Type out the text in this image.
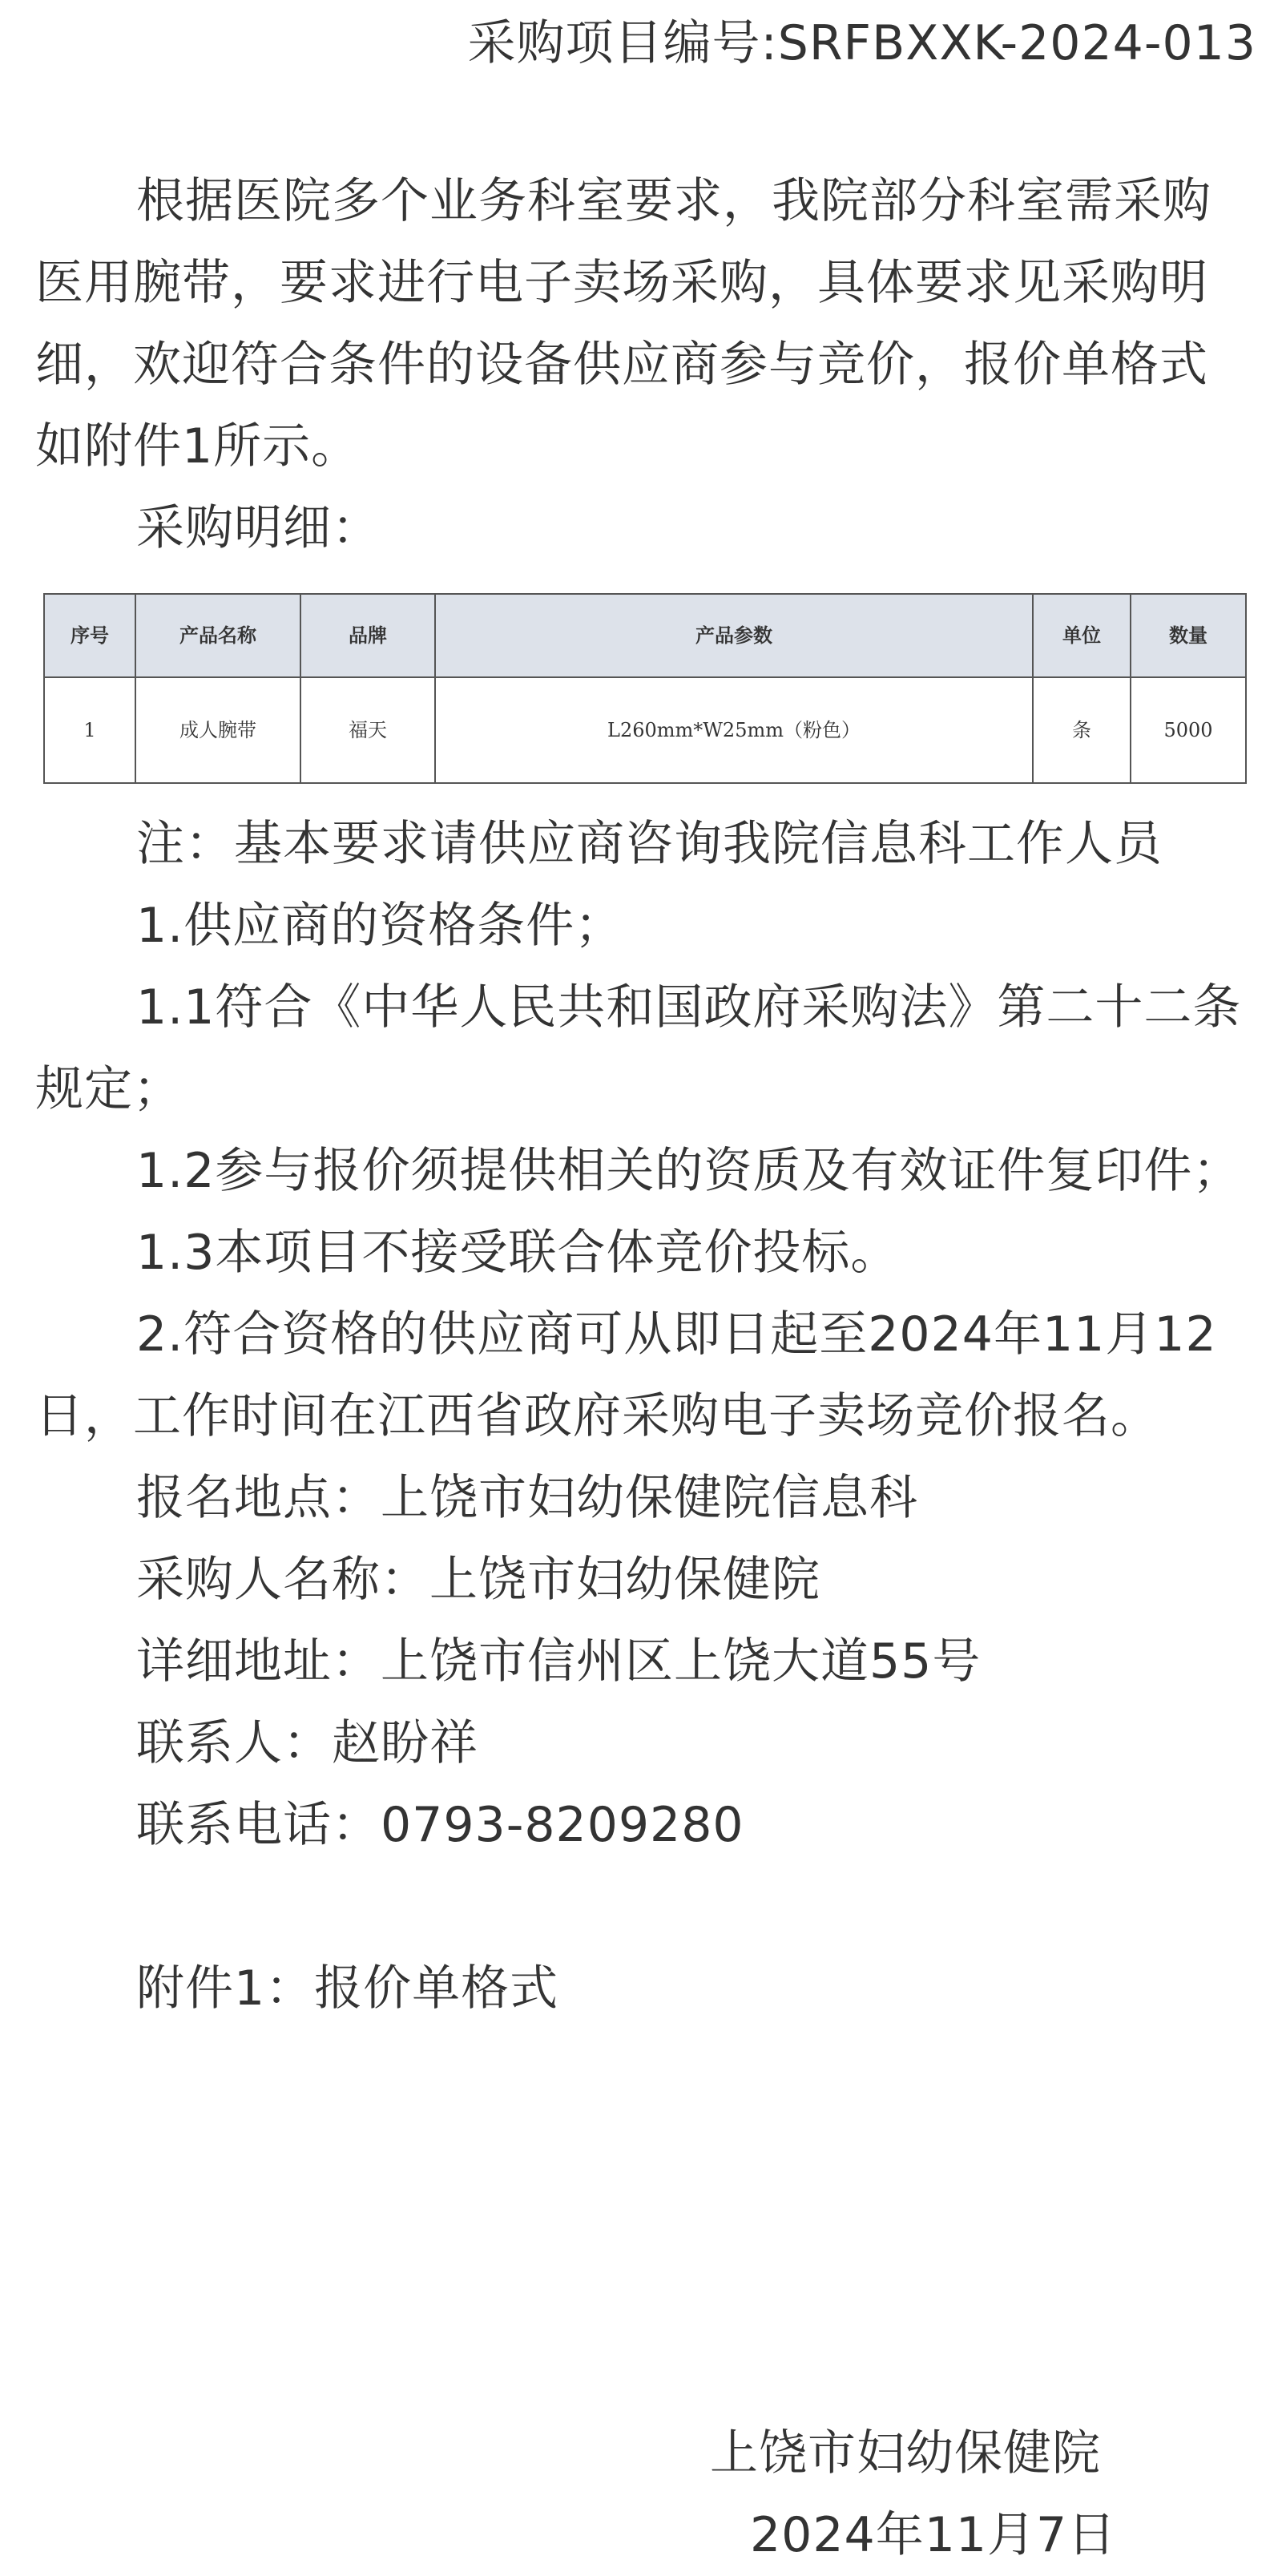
采购项目编号:SRFBXXK-2024-013

根据医院多个业务科室要求，我院部分科室需采购医用腕带，要求进行电子卖场采购，具体要求见采购明细，欢迎符合条件的设备供应商参与竞价，报价单格式如附件1所示。

采购明细：

序号	产品名称	品牌	产品参数	单位	数量
1	成人腕带	福天	L260mm*W25mm（粉色）	条	5000

注：基本要求请供应商咨询我院信息科工作人员

1.供应商的资格条件；

1.1符合《中华人民共和国政府采购法》第二十二条规定；

1.2参与报价须提供相关的资质及有效证件复印件；

1.3本项目不接受联合体竞价投标。

2.符合资格的供应商可从即日起至2024年11月12日，工作时间在江西省政府采购电子卖场竞价报名。

报名地点：上饶市妇幼保健院信息科

采购人名称：上饶市妇幼保健院

详细地址：上饶市信州区上饶大道55号

联系人：赵盼祥

联系电话：0793-8209280

附件1：报价单格式

上饶市妇幼保健院
2024年11月7日
